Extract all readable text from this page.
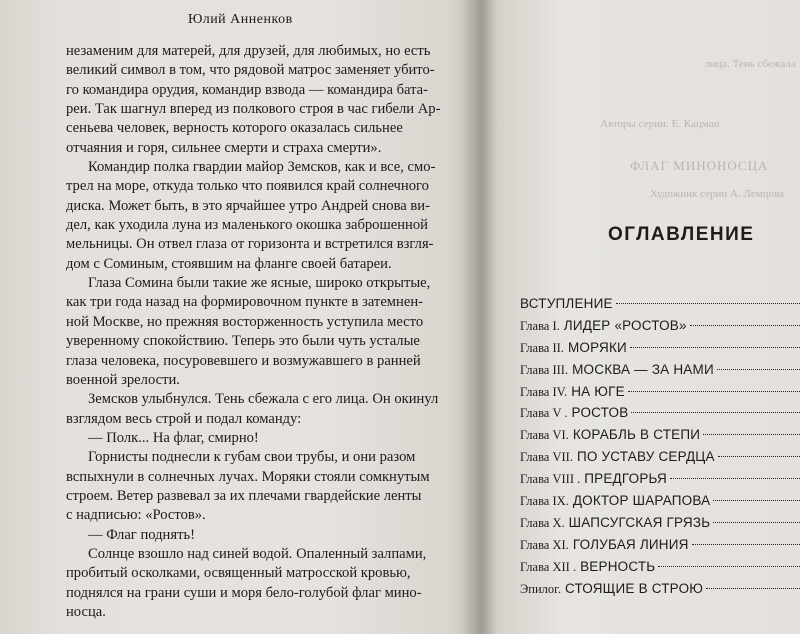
Юлий Анненков
незаменим для матерей, для друзей, для любимых, но есть
великий символ в том, что рядовой матрос заменяет убито-
го командира орудия, командир взвода — командира бата-
реи. Так шагнул вперед из полкового строя в час гибели Ар-
сеньева человек, верность которого оказалась сильнее
отчаяния и горя, сильнее смерти и страха смерти».
Командир полка гвардии майор Земсков, как и все, смо-
трел на море, откуда только что появился край солнечного
диска. Может быть, в это ярчайшее утро Андрей снова ви-
дел, как уходила луна из маленького окошка заброшенной
мельницы. Он отвел глаза от горизонта и встретился взгля-
дом с Соминым, стоявшим на фланге своей батареи.
Глаза Сомина были такие же ясные, широко открытые,
как три года назад на формировочном пункте в затемнен-
ной Москве, но прежняя восторженность уступила место
уверенному спокойствию. Теперь это были чуть усталые
глаза человека, посуровевшего и возмужавшего в ранней
военной зрелости.
Земсков улыбнулся. Тень сбежала с его лица. Он окинул
взглядом весь строй и подал команду:
— Полк... На флаг, смирно!
Горнисты поднесли к губам свои трубы, и они разом
вспыхнули в солнечных лучах. Моряки стояли сомкнутым
строем. Ветер развевал за их плечами гвардейские ленты
с надписью: «Ростов».
— Флаг поднять!
Солнце взошло над синей водой. Опаленный залпами,
пробитый осколками, освященный матросской кровью,
поднялся на грани суши и моря бело-голубой флаг мино-
носца.
лица. Тень сбежала
Авторы серии: Е. Кацман
ФЛАГ МИНОНОСЦА
Художник серии А. Лемцова
ОГЛАВЛЕНИЕ
ВСТУПЛЕНИЕ
Глава I. ЛИДЕР «РОСТОВ»
Глава II. МОРЯКИ
Глава III. МОСКВА — ЗА НАМИ
Глава IV. НА ЮГЕ
Глава V . РОСТОВ
Глава VI. КОРАБЛЬ В СТЕПИ
Глава VII. ПО УСТАВУ СЕРДЦА
Глава VIII . ПРЕДГОРЬЯ
Глава IX. ДОКТОР ШАРАПОВА
Глава X. ШАПСУГСКАЯ ГРЯЗЬ
Глава XI. ГОЛУБАЯ ЛИНИЯ
Глава XII . ВЕРНОСТЬ
Эпилог. СТОЯЩИЕ В СТРОЮ
